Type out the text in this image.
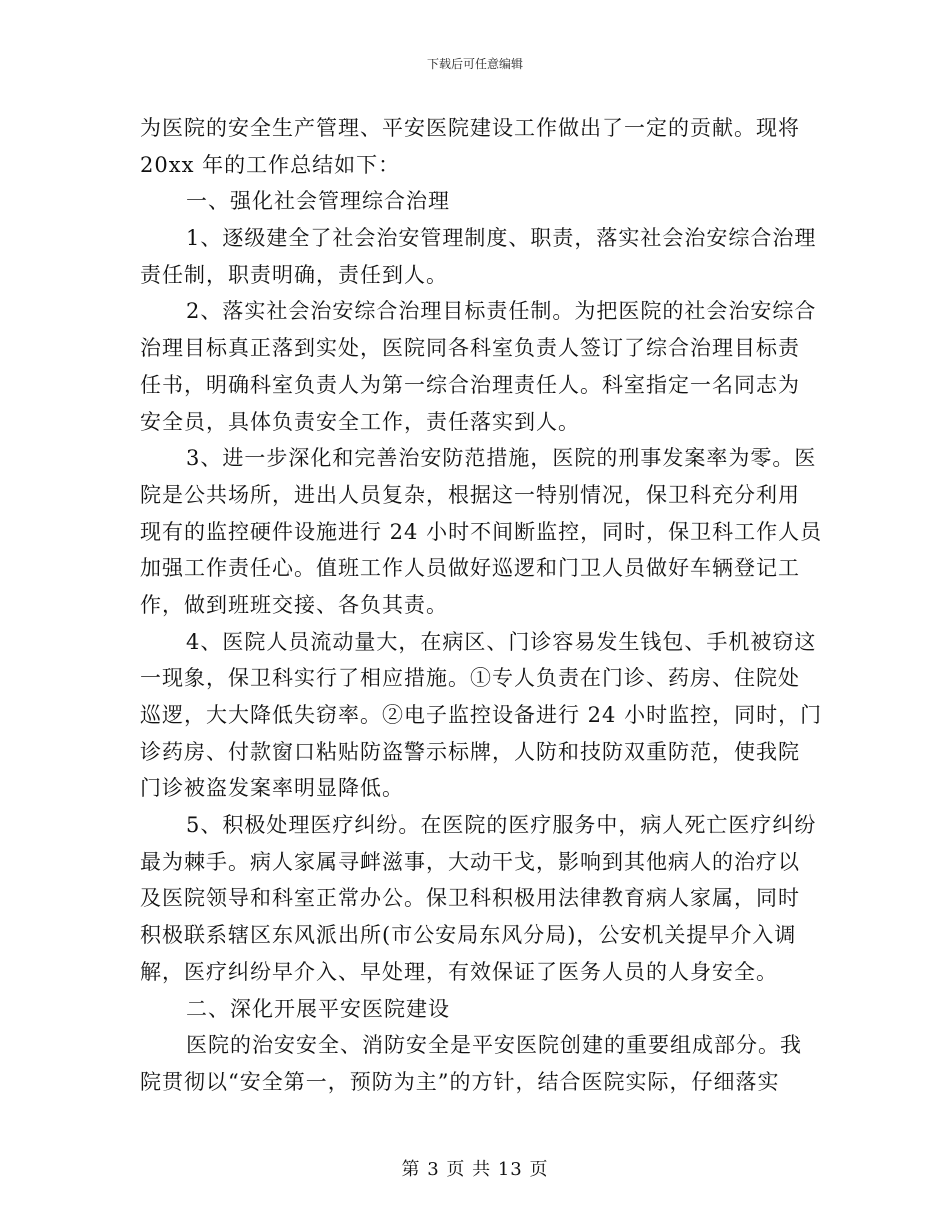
下载后可任意编辑
为医院的安全生产管理、平安医院建设工作做出了一定的贡献。现将
20xx 年的工作总结如下：
一、强化社会管理综合治理
1、逐级建全了社会治安管理制度、职责，落实社会治安综合治理
责任制，职责明确，责任到人。
2、落实社会治安综合治理目标责任制。为把医院的社会治安综合
治理目标真正落到实处，医院同各科室负责人签订了综合治理目标责
任书，明确科室负责人为第一综合治理责任人。科室指定一名同志为
安全员，具体负责安全工作，责任落实到人。
3、进一步深化和完善治安防范措施，医院的刑事发案率为零。医
院是公共场所，进出人员复杂，根据这一特别情况，保卫科充分利用
现有的监控硬件设施进行 24 小时不间断监控，同时，保卫科工作人员
加强工作责任心。值班工作人员做好巡逻和门卫人员做好车辆登记工
作，做到班班交接、各负其责。
4、医院人员流动量大，在病区、门诊容易发生钱包、手机被窃这
一现象，保卫科实行了相应措施。①专人负责在门诊、药房、住院处
巡逻，大大降低失窃率。②电子监控设备进行 24 小时监控，同时，门
诊药房、付款窗口粘贴防盗警示标牌，人防和技防双重防范，使我院
门诊被盗发案率明显降低。
5、积极处理医疗纠纷。在医院的医疗服务中，病人死亡医疗纠纷
最为棘手。病人家属寻衅滋事，大动干戈，影响到其他病人的治疗以
及医院领导和科室正常办公。保卫科积极用法律教育病人家属，同时
积极联系辖区东风派出所(市公安局东风分局)，公安机关提早介入调
解，医疗纠纷早介入、早处理，有效保证了医务人员的人身安全。
二、深化开展平安医院建设
医院的治安安全、消防安全是平安医院创建的重要组成部分。我
院贯彻以“安全第一，预防为主”的方针，结合医院实际，仔细落实
第 3 页 共 13 页
